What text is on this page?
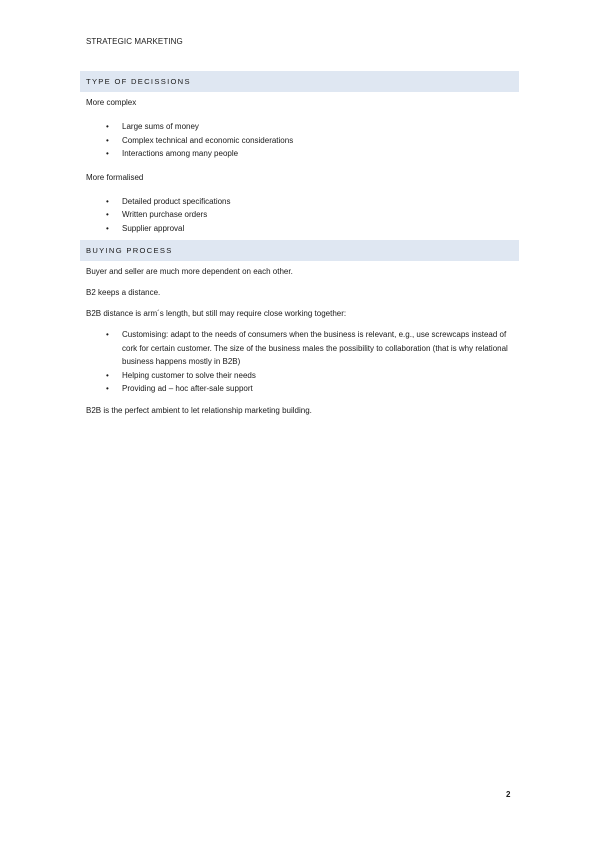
STRATEGIC MARKETING
TYPE OF DECISSIONS
More complex
• Large sums of money
• Complex technical and economic considerations
• Interactions among many people
More formalised
• Detailed product specifications
• Written purchase orders
• Supplier approval
BUYING PROCESS
Buyer and seller are much more dependent on each other.
B2 keeps a distance.
B2B distance is arm´s length, but still may require close working together:
• Customising: adapt to the needs of consumers when the business is relevant, e.g., use screwcaps instead of cork for certain customer. The size of the business males the possibility to collaboration (that is why relational business happens mostly in B2B)
• Helping customer to solve their needs
• Providing ad – hoc after-sale support
B2B is the perfect ambient to let relationship marketing building.
2
